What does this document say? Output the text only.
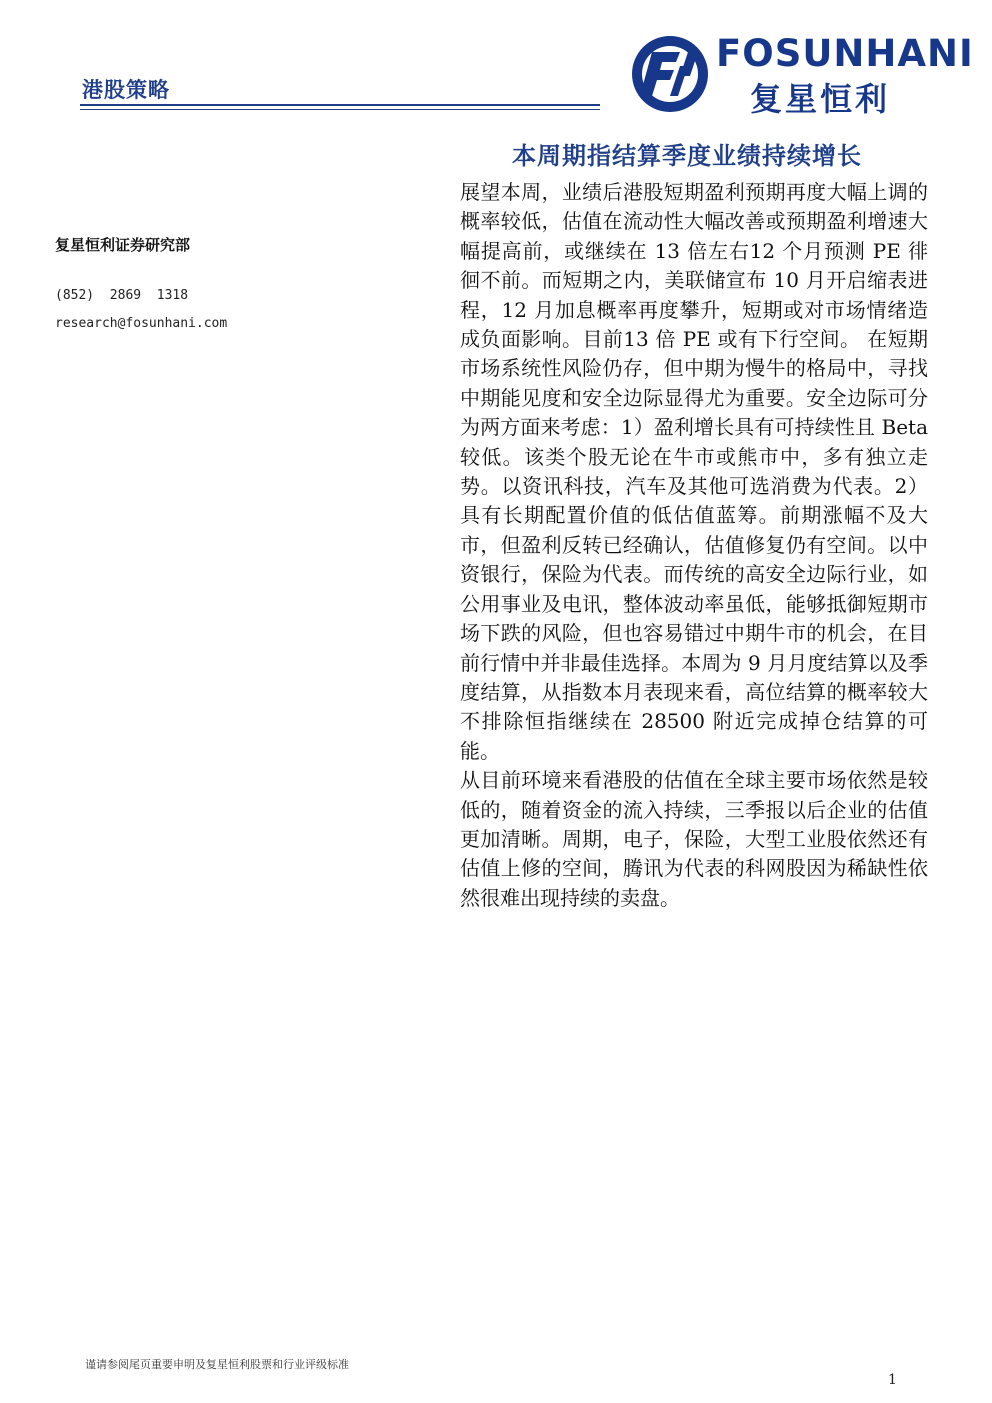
港股策略
FOSUNHANI
复星恒利
本周期指结算季度业绩持续增长
复星恒利证券研究部
(852)  2869  1318
research@fosunhani.com

展望本周，业绩后港股短期盈利预期再度大幅上调的概率较低，估值在流动性大幅改善或预期盈利增速大幅提高前，或继续在 13 倍左右12 个月预测 PE 徘徊不前。而短期之内，美联储宣布 10 月开启缩表进程，12 月加息概率再度攀升，短期或对市场情绪造成负面影响。目前13 倍 PE 或有下行空间。 在短期市场系统性风险仍存，但中期为慢牛的格局中，寻找中期能见度和安全边际显得尤为重要。安全边际可分为两方面来考虑：1）盈利增长具有可持续性且 Beta 较低。该类个股无论在牛市或熊市中，多有独立走势。以资讯科技，汽车及其他可选消费为代表。2）具有长期配置价值的低估值蓝筹。前期涨幅不及大市，但盈利反转已经确认，估值修复仍有空间。以中资银行，保险为代表。而传统的高安全边际行业，如公用事业及电讯，整体波动率虽低，能够抵御短期市场下跌的风险，但也容易错过中期牛市的机会，在目前行情中并非最佳选择。本周为 9 月月度结算以及季度结算，从指数本月表现来看，高位结算的概率较大不排除恒指继续在 28500 附近完成掉仓结算的可能。

从目前环境来看港股的估值在全球主要市场依然是较低的，随着资金的流入持续，三季报以后企业的估值更加清晰。周期，电子，保险，大型工业股依然还有估值上修的空间，腾讯为代表的科网股因为稀缺性依然很难出现持续的卖盘。

谨请参阅尾页重要申明及复星恒利股票和行业评级标准
1
